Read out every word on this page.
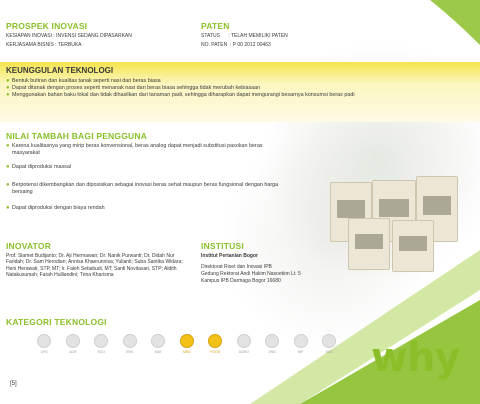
PROSPEK INOVASI
KESIAPAN INOVASI : INVENSI SEDANG DIPASARKAN
KERJASAMA BISNIS : TERBUKA
PATEN
STATUS      : TELAH MEMILIKI PATEN
NO. PATEN  : P 00 2012 00463
KEUNGGULAN TEKNOLOGI
● Bentuk butiran dan kualitas tanak seperti nasi dari beras biasa
● Dapat ditanak dengan proses seperti menanak nasi dari beras biasa sehingga tidak merubah kebiasaan
● Menggunakan bahan baku lokal dan tidak dihasilkan dari tanaman padi, sehingga diharapkan dapat mengurangi besarnya konsumsi beras padi
NILAI TAMBAH BAGI PENGGUNA
● Karena kualitasnya yang mirip beras konvensional, beras analog dapat menjadi substitusi pasokan beras masyarakat
● Dapat diproduksi massal
● Berpotensi dikembangkan dan diposisikan sebagai inovasi beras sehat maupun beras fungsional dengan harga bersaing
● Dapat diproduksi dengan biaya rendah
INOVATOR
Prof. Slamet Budijanto; Dr. Aji Hermawan; Dr. Nanik Purwanti; Dr. Didah Nur Faridah; Dr. Sam Herodian; Annisa Khaerunnisa; Yulianti; Suba Santika Widara; Heni Herawati, STP, MT; Ir. Faleh Setiabudi, MT; Santi Novitasari, STP; Aldith Natakusumah; Farah Hulliandini; Trina Kharisma
INSTITUSI
Institut Pertanian Bogor
Direktorat Riset dan Inovasi IPB
Gedung Rektorat Andi Hakim Nasoetion Lt. 5
Kampus IPB Darmaga Bogor 16680
KATEGORI TEKNOLOGI
LIFE	AGR	ECO	ENV	MAT	MED	FOOD	AGRO	ENG	INF	SOC
[5]
why
